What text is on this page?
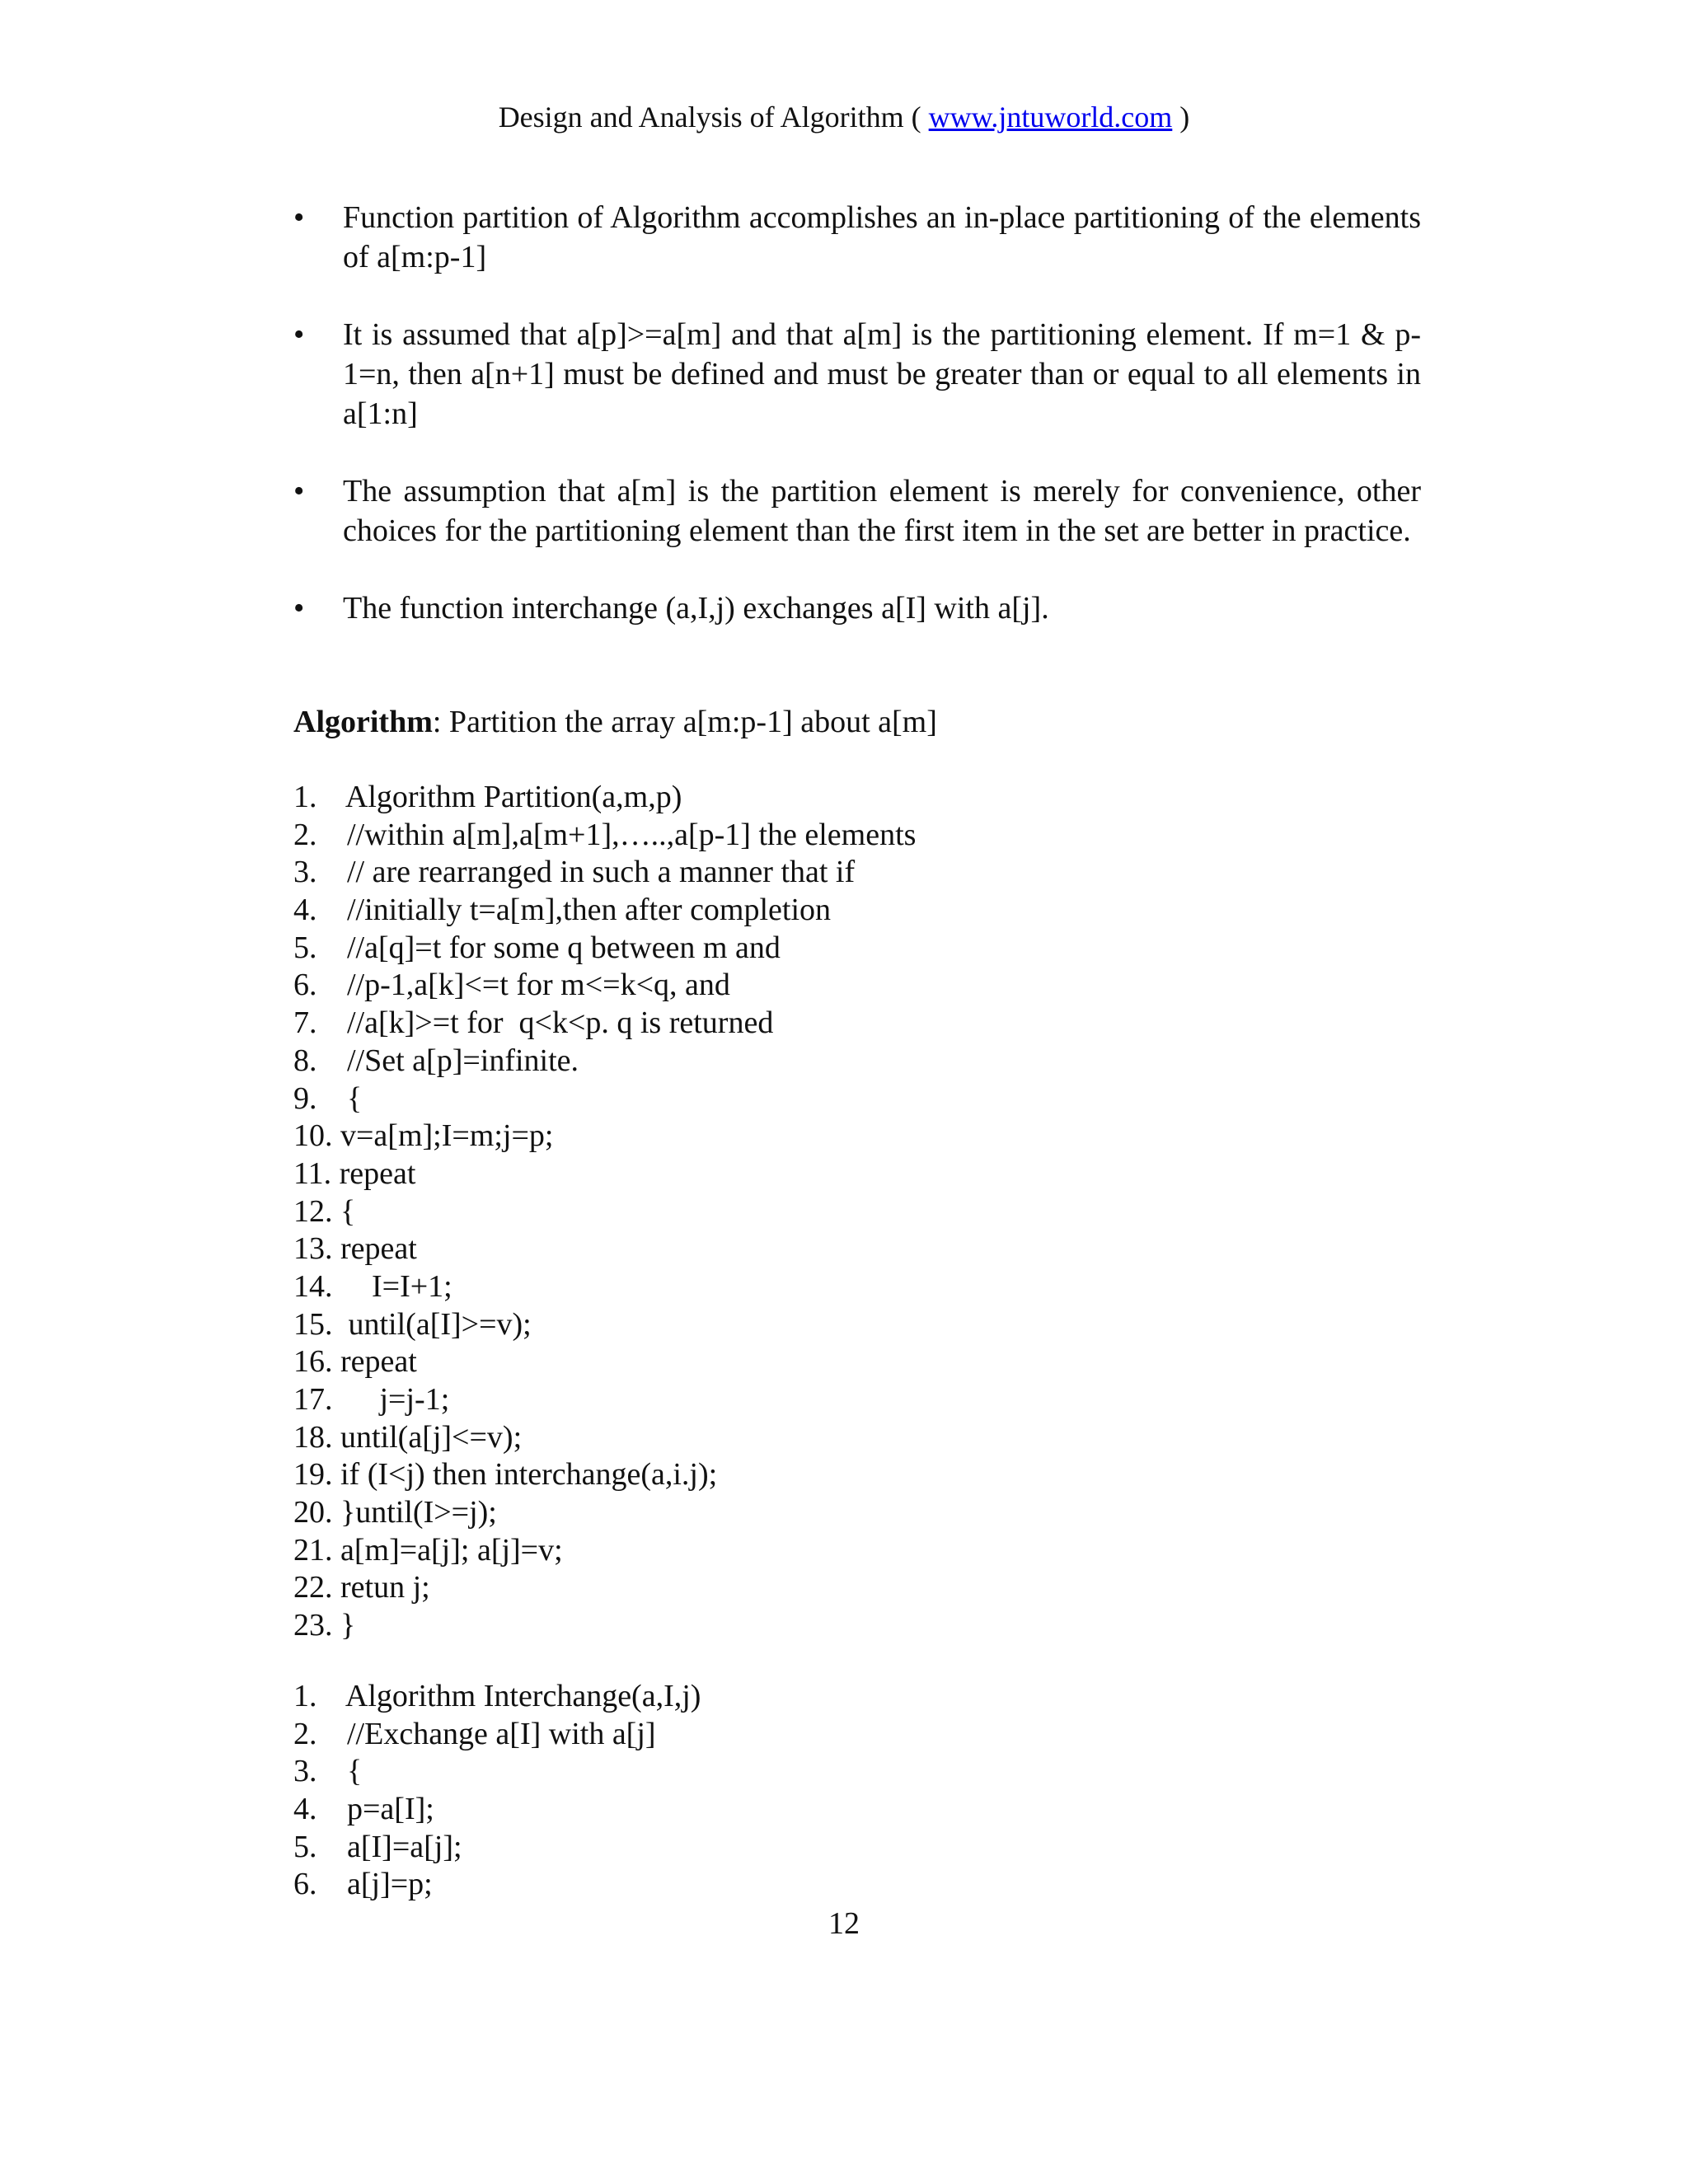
Design and Analysis of Algorithm ( www.jntuworld.com )
• Function partition of Algorithm accomplishes an in-place partitioning of the elements of a[m:p-1]
• It is assumed that a[p]>=a[m] and that a[m] is the partitioning element. If m=1 & p-1=n, then a[n+1] must be defined and must be greater than or equal to all elements in a[1:n]
• The assumption that a[m] is the partition element is merely for convenience, other choices for the partitioning element than the first item in the set are better in practice.
• The function interchange (a,I,j) exchanges a[I] with a[j].
Algorithm: Partition the array a[m:p-1] about a[m]
1.  Algorithm Partition(a,m,p)
2.  //within a[m],a[m+1],…..,a[p-1] the elements
3.  // are rearranged in such a manner that if
4.  //initially t=a[m],then after completion
5.  //a[q]=t for some q between m and
6.  //p-1,a[k]<=t for m<=k<q, and
7.  //a[k]>=t for  q<k<p. q is returned
8.  //Set a[p]=infinite.
9.  {
10. v=a[m];I=m;j=p;
11. repeat
12. {
13. repeat
14.     I=I+1;
15.  until(a[I]>=v);
16. repeat
17.      j=j-1;
18. until(a[j]<=v);
19. if (I<j) then interchange(a,i.j);
20. }until(I>=j);
21. a[m]=a[j]; a[j]=v;
22. retun j;
23. }
1.  Algorithm Interchange(a,I,j)
2.  //Exchange a[I] with a[j]
3.  {
4.  p=a[I];
5.  a[I]=a[j];
6.  a[j]=p;
12
